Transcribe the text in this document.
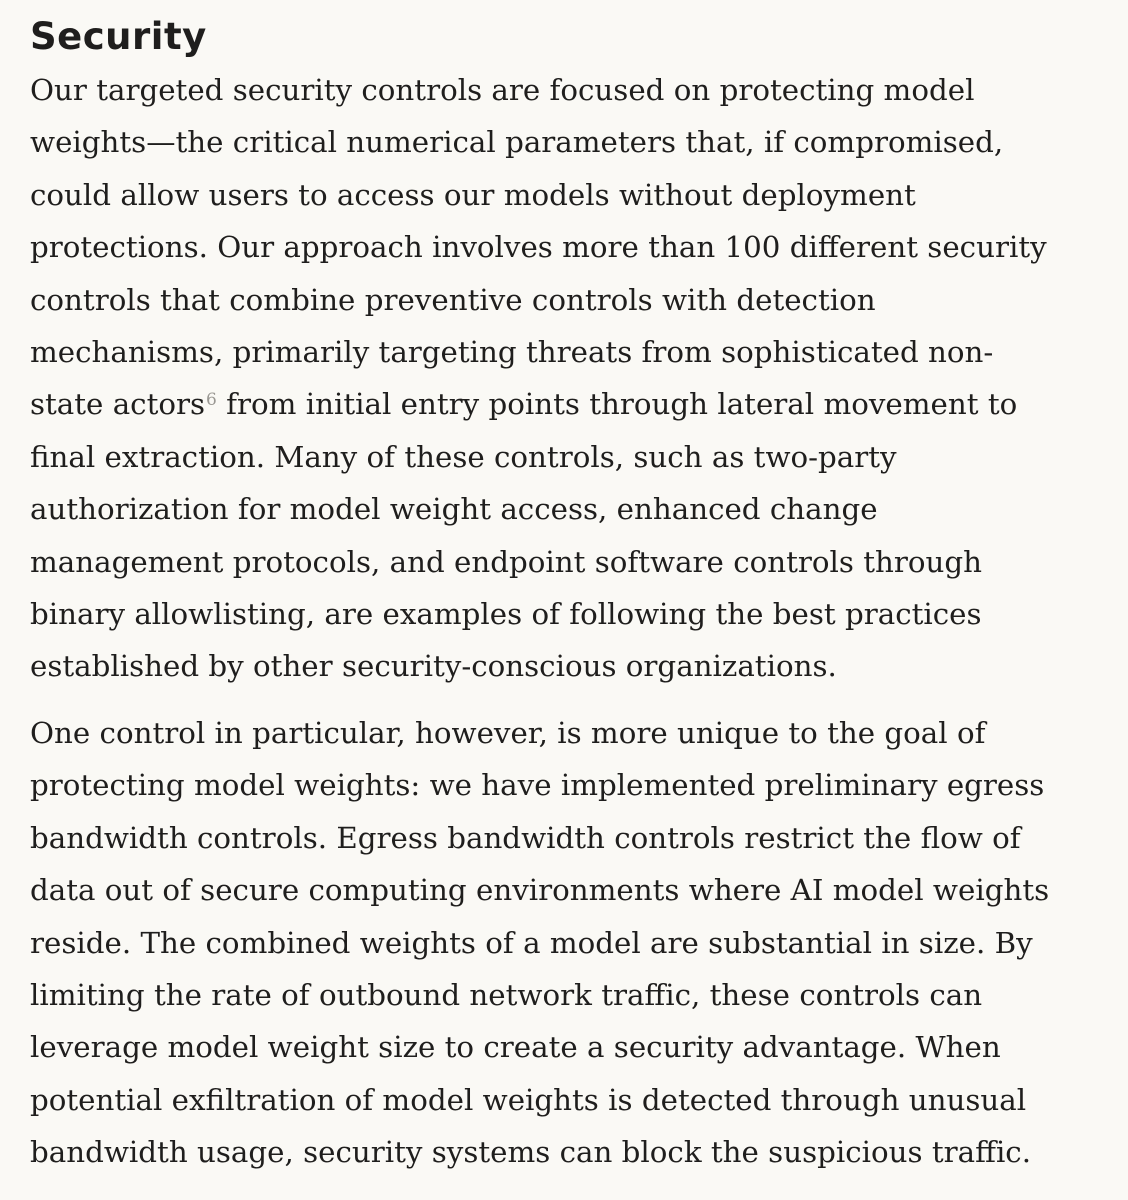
Security

Our targeted security controls are focused on protecting model
weights—the critical numerical parameters that, if compromised,
could allow users to access our models without deployment
protections. Our approach involves more than 100 different security
controls that combine preventive controls with detection
mechanisms, primarily targeting threats from sophisticated non-
state actors$^6$ from initial entry points through lateral movement to
final extraction. Many of these controls, such as two-party
authorization for model weight access, enhanced change
management protocols, and endpoint software controls through
binary allowlisting, are examples of following the best practices
established by other security-conscious organizations.

One control in particular, however, is more unique to the goal of
protecting model weights: we have implemented preliminary egress
bandwidth controls. Egress bandwidth controls restrict the flow of
data out of secure computing environments where AI model weights
reside. The combined weights of a model are substantial in size. By
limiting the rate of outbound network traffic, these controls can
leverage model weight size to create a security advantage. When
potential exfiltration of model weights is detected through unusual
bandwidth usage, security systems can block the suspicious traffic.
